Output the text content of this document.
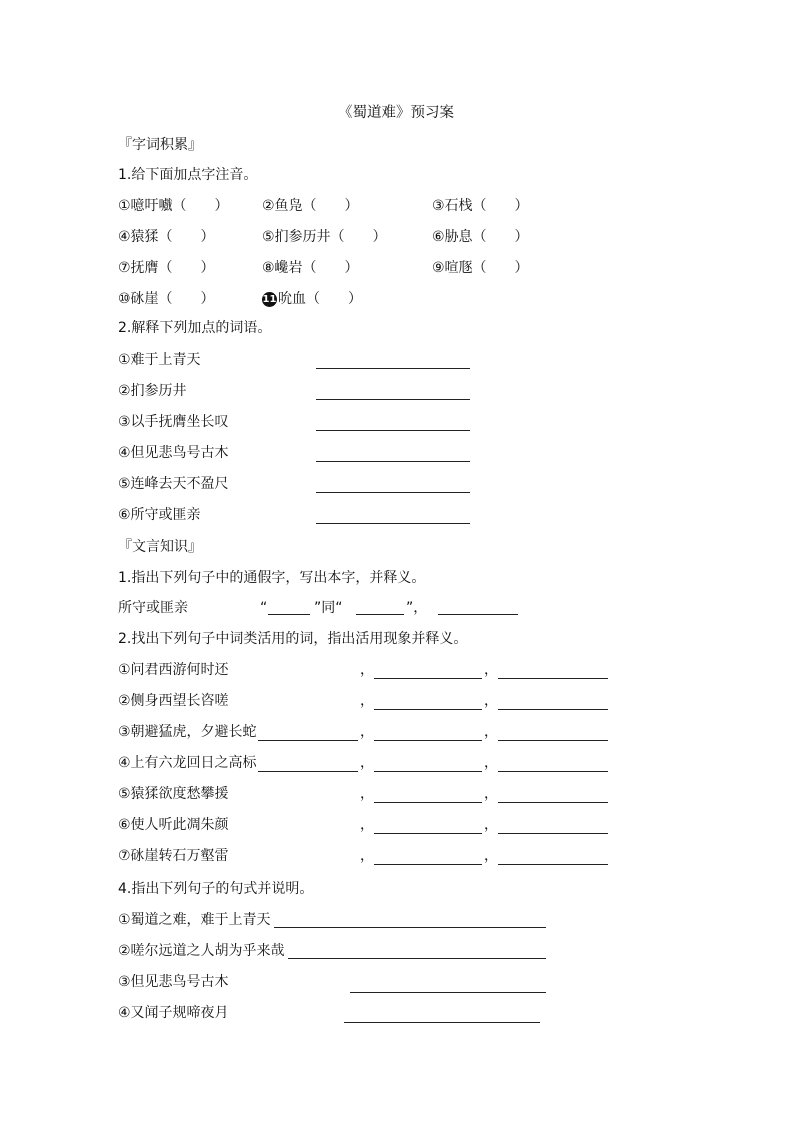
《蜀道难》预习案
『字词积累』
1.给下面加点字注音。
①噫吁嚱（　　） ②鱼凫（　　）	③石栈（　　）
④猿猱（　　）	⑤扪参历井（　　）	⑥胁息（　　）
⑦抚膺（　　）	⑧巉岩（　　）	⑨喧豗（　　）
⑩砯崖（　　）	11 吮血（　　）
2.解释下列加点的词语。
①难于上青天
②扪参历井
③以手抚膺坐长叹
④但见悲鸟号古木
⑤连峰去天不盈尺
⑥所守或匪亲
『文言知识』
1.指出下列句子中的通假字，写出本字，并释义。
所守或匪亲	“	”同“	”，
2.找出下列句子中词类活用的词，指出活用现象并释义。
①问君西游何时还	，	，
②侧身西望长咨嗟	，	，
③朝避猛虎，夕避长蛇	，	，
④上有六龙回日之高标	，	，
⑤猿猱欲度愁攀援	，	，
⑥使人听此凋朱颜	，	，
⑦砯崖转石万壑雷	，	，
4.指出下列句子的句式并说明。
①蜀道之难，难于上青天
②嗟尔远道之人胡为乎来哉
③但见悲鸟号古木
④又闻子规啼夜月
